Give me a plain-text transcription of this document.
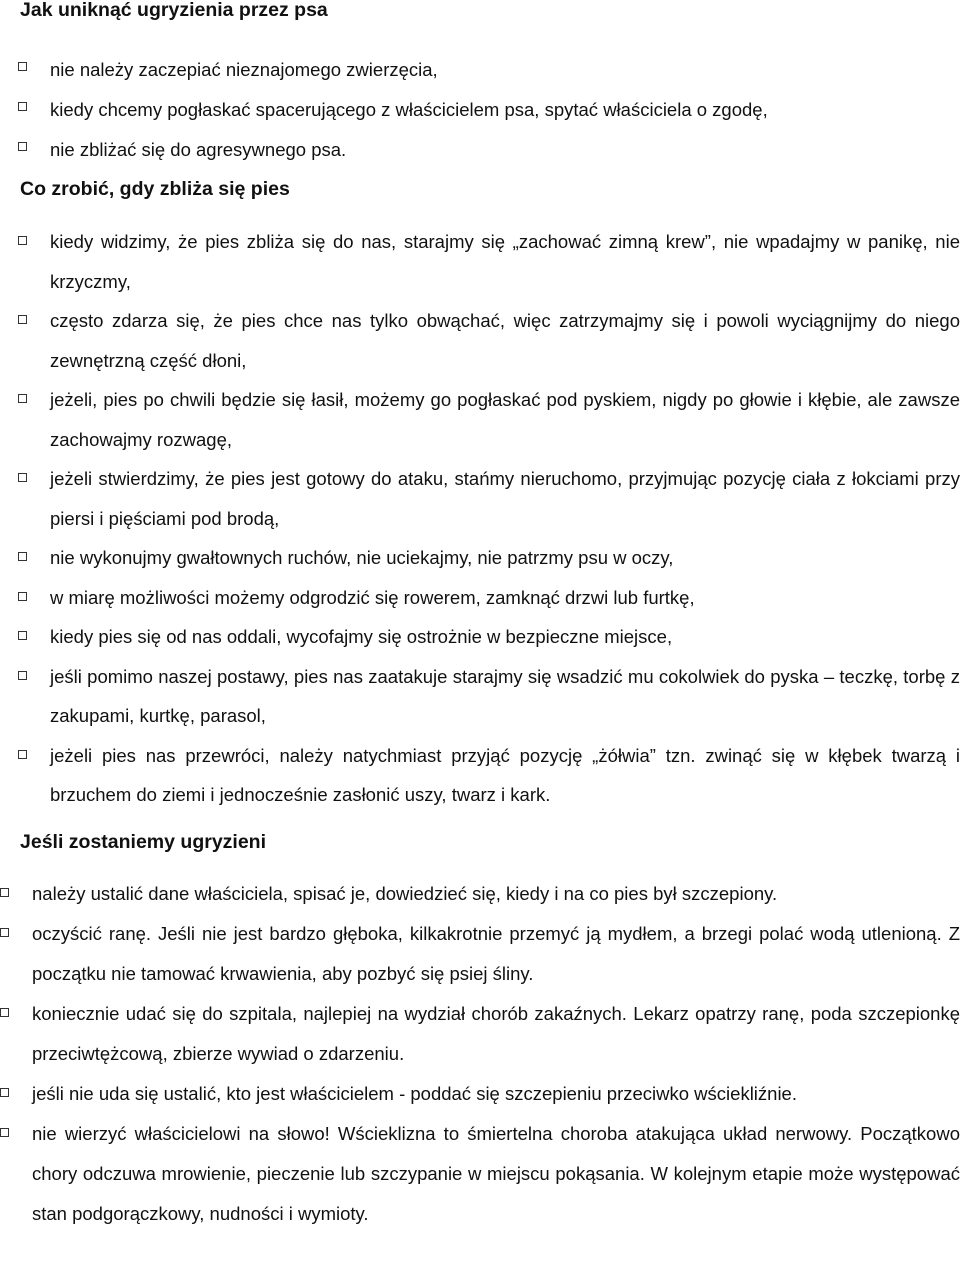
Jak uniknąć ugryzienia przez psa
nie należy zaczepiać nieznajomego zwierzęcia,
kiedy chcemy pogłaskać spacerującego z właścicielem psa, spytać właściciela o zgodę,
nie zbliżać się do agresywnego psa.
Co zrobić, gdy zbliża się pies
kiedy widzimy, że pies zbliża się do nas, starajmy się „zachować zimną krew”, nie wpadajmy w panikę, nie krzyczmy,
często zdarza się, że pies chce nas tylko obwąchać, więc zatrzymajmy się i powoli wyciągnijmy do niego zewnętrzną część dłoni,
jeżeli, pies po chwili będzie się łasił, możemy go pogłaskać pod pyskiem, nigdy po głowie i kłębie, ale zawsze zachowajmy rozwagę,
jeżeli stwierdzimy, że pies jest gotowy do ataku, stańmy nieruchomo, przyjmując pozycję ciała z łokciami przy piersi i pięściami pod brodą,
nie wykonujmy gwałtownych ruchów, nie uciekajmy, nie patrzmy psu w oczy,
w miarę możliwości możemy odgrodzić się rowerem, zamknąć drzwi lub furtkę,
kiedy pies się od nas oddali, wycofajmy się ostrożnie w bezpieczne miejsce,
jeśli pomimo naszej postawy, pies nas zaatakuje starajmy się wsadzić mu cokolwiek do pyska – teczkę, torbę z zakupami, kurtkę, parasol,
jeżeli pies nas przewróci, należy natychmiast przyjąć pozycję „żółwia” tzn. zwinąć się w kłębek twarzą i brzuchem do ziemi i jednocześnie zasłonić uszy, twarz i kark.
Jeśli zostaniemy ugryzieni
należy ustalić dane właściciela, spisać je, dowiedzieć się, kiedy i na co pies był szczepiony.
oczyścić ranę. Jeśli nie jest bardzo głęboka, kilkakrotnie przemyć ją mydłem, a brzegi polać wodą utlenioną. Z początku nie tamować krwawienia, aby pozbyć się psiej śliny.
koniecznie udać się do szpitala, najlepiej na wydział chorób zakaźnych. Lekarz opatrzy ranę, poda szczepionkę przeciwtężcową, zbierze wywiad o zdarzeniu.
jeśli nie uda się ustalić, kto jest właścicielem - poddać się szczepieniu przeciwko wściekliźnie.
nie wierzyć właścicielowi na słowo! Wścieklizna to śmiertelna choroba atakująca układ nerwowy. Początkowo chory odczuwa mrowienie, pieczenie lub szczypanie w miejscu pokąsania. W kolejnym etapie może występować stan podgorączkowy, nudności i wymioty.
